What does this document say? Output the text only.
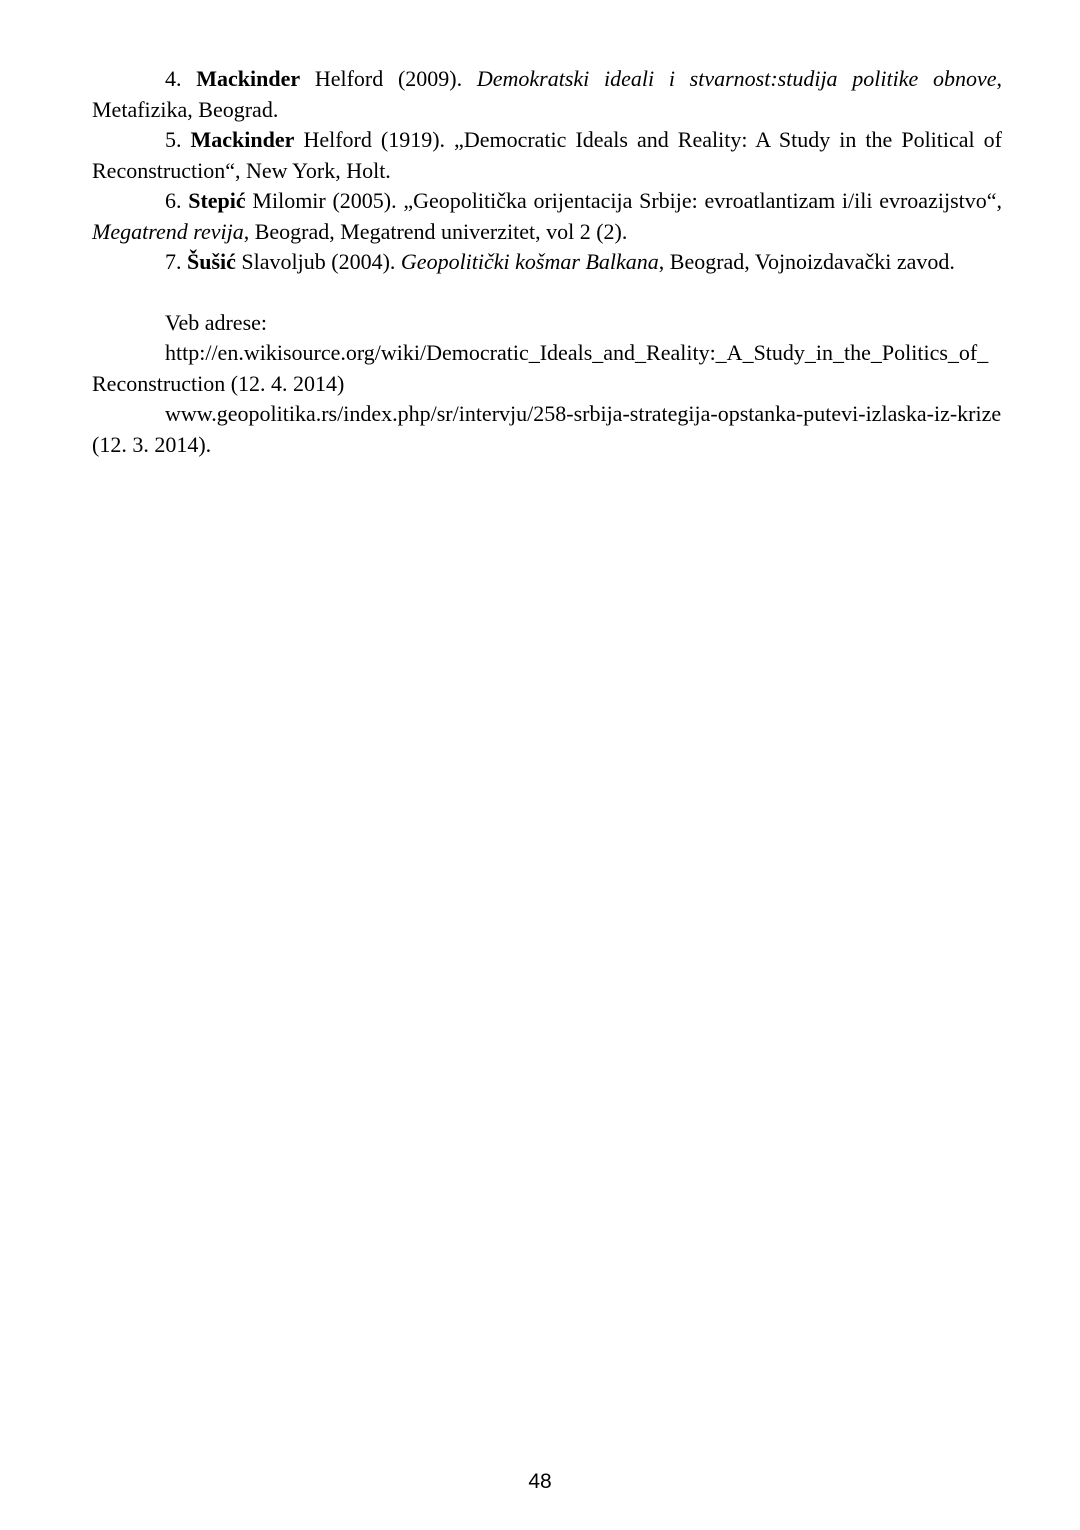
4. Mackinder Helford (2009). Demokratski ideali i stvarnost:studija politike obnove, Metafizika, Beograd.

5. Mackinder Helford (1919). „Democratic Ideals and Reality: A Study in the Political of Reconstruction“, New York, Holt.

6. Stepić Milomir (2005). „Geopolitička orijentacija Srbije: evroatlantizam i/ili evroazijstvo“, Megatrend revija, Beograd, Megatrend univerzitet, vol 2 (2).

7. Šušić Slavoljub (2004). Geopolitički košmar Balkana, Beograd, Vojnoizdavački zavod.

Veb adrese:

http://en.wikisource.org/wiki/Democratic_Ideals_and_Reality:_A_Study_in_the_Politics_of_Reconstruction (12. 4. 2014)

www.geopolitika.rs/index.php/sr/intervju/258-srbija-strategija-opstanka-putevi-izlaska-iz-krize (12. 3. 2014).

48
